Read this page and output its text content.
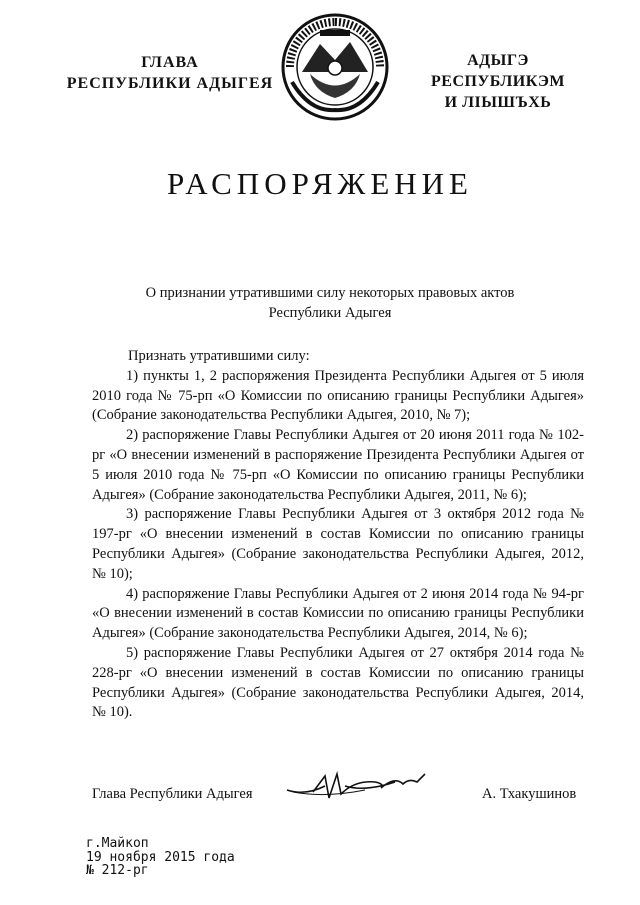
ГЛАВА
РЕСПУБЛИКИ АДЫГЕЯ
АДЫГЭ РЕСПУБЛИКЭМ
И ЛІЫШЪХЬ
РАСПОРЯЖЕНИЕ
О признании утратившими силу некоторых правовых актов
Республики Адыгея

Признать утратившими силу:

1) пункты 1, 2 распоряжения Президента Республики Адыгея от 5 июля 2010 года № 75-рп «О Комиссии по описанию границы Республики Адыгея» (Собрание законодательства Республики Адыгея, 2010, № 7);

2) распоряжение Главы Республики Адыгея от 20 июня 2011 года № 102-рг «О внесении изменений в распоряжение Президента Республики Адыгея от 5 июля 2010 года № 75-рп «О Комиссии по описанию границы Республики Адыгея» (Собрание законодательства Республики Адыгея, 2011, № 6);

3) распоряжение Главы Республики Адыгея от 3 октября 2012 года № 197-рг «О внесении изменений в состав Комиссии по описанию границы Республики Адыгея» (Собрание законодательства Республики Адыгея, 2012, № 10);

4) распоряжение Главы Республики Адыгея от 2 июня 2014 года № 94-рг «О внесении изменений в состав Комиссии по описанию границы Республики Адыгея» (Собрание законодательства Республики Адыгея, 2014, № 6);

5) распоряжение Главы Республики Адыгея от 27 октября 2014 года № 228-рг «О внесении изменений в состав Комиссии по описанию границы Республики Адыгея» (Собрание законодательства Республики Адыгея, 2014, № 10).

Глава Республики Адыгея	А. Тхакушинов
г.Майкоп
19 ноября 2015 года
№ 212-рг
